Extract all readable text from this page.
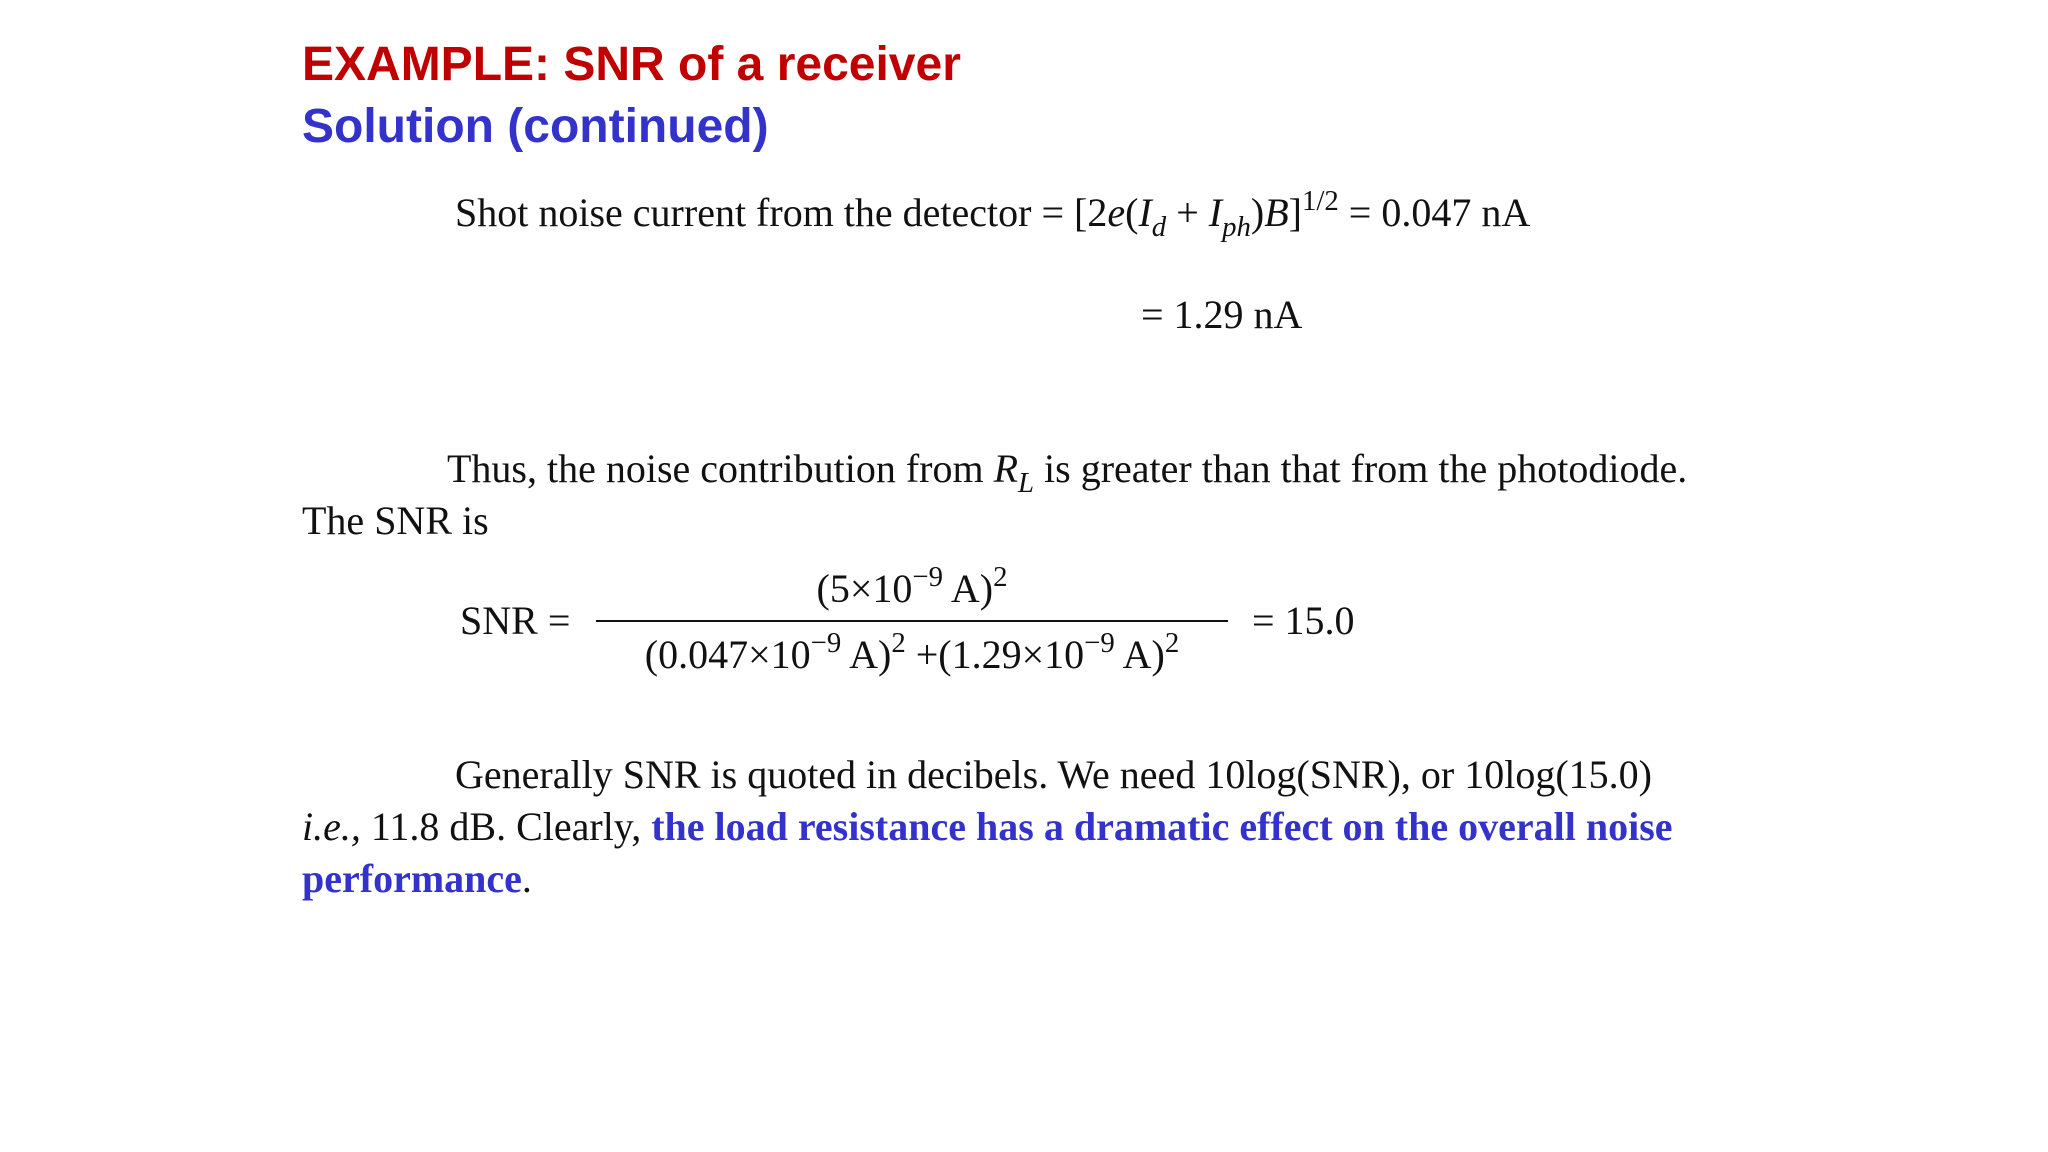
EXAMPLE: SNR of a receiver
Solution (continued)
Shot noise current from the detector = $[2e(I_d + I_{ph})B]^{1/2} = 0.047$ nA
= 1.29 nA
Thus, the noise contribution from $R_L$ is greater than that from the photodiode.
The SNR is
SNR =
($5\times 10^{-9}$ A)$^2$
($0.047\times 10^{-9}$ $A)^2 +(1.29\times 10^{-9}$ A)$^2$
= 15.0
Generally SNR is quoted in decibels. We need 10log(SNR), or 10log(15.0)
i.e., 11.8 dB. Clearly, the load resistance has a dramatic effect on the overall noise
performance.
